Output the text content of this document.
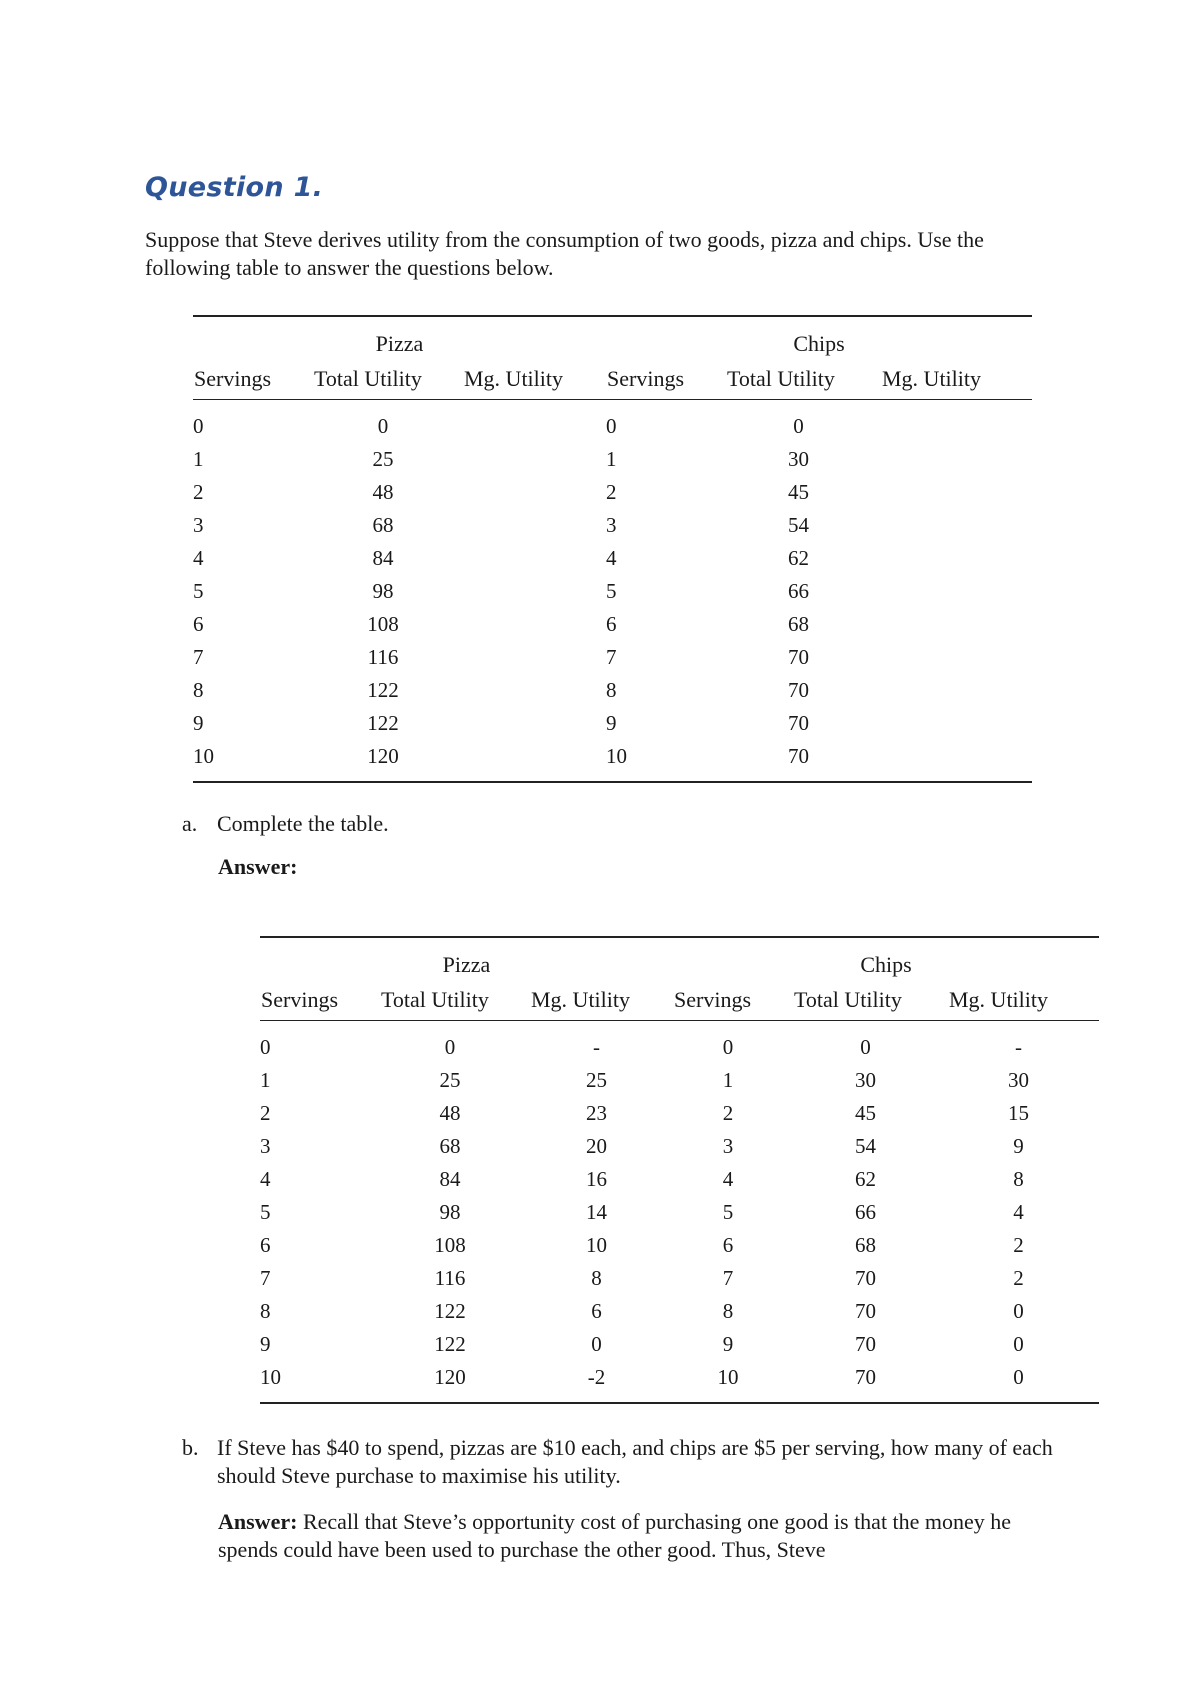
Question 1.

Suppose that Steve derives utility from the consumption of two goods, pizza and chips. Use the following table to answer the questions below.

Pizza			Chips		
Servings	Total Utility	Mg. Utility	Servings	Total Utility	Mg. Utility

0	0		0	0	
1	25		1	30	
2	48		2	45	
3	68		3	54	
4	84		4	62	
5	98		5	66	
6	108		6	68	
7	116		7	70	
8	122		8	70	
9	122		9	70	
10	120		10	70	

a. Complete the table.
Answer:
Pizza			Chips		
Servings	Total Utility	Mg. Utility	Servings	Total Utility	Mg. Utility

0	0	-	0	0	-
1	25	25	1	30	30
2	48	23	2	45	15
3	68	20	3	54	9
4	84	16	4	62	8
5	98	14	5	66	4
6	108	10	6	68	2
7	116	8	7	70	2
8	122	6	8	70	0
9	122	0	9	70	0
10	120	-2	10	70	0

b. If Steve has $40 to spend, pizzas are $10 each, and chips are $5 per serving, how many of each should Steve purchase to maximise his utility.
Answer: Recall that Steve’s opportunity cost of purchasing one good is that the money he spends could have been used to purchase the other good. Thus, Steve
